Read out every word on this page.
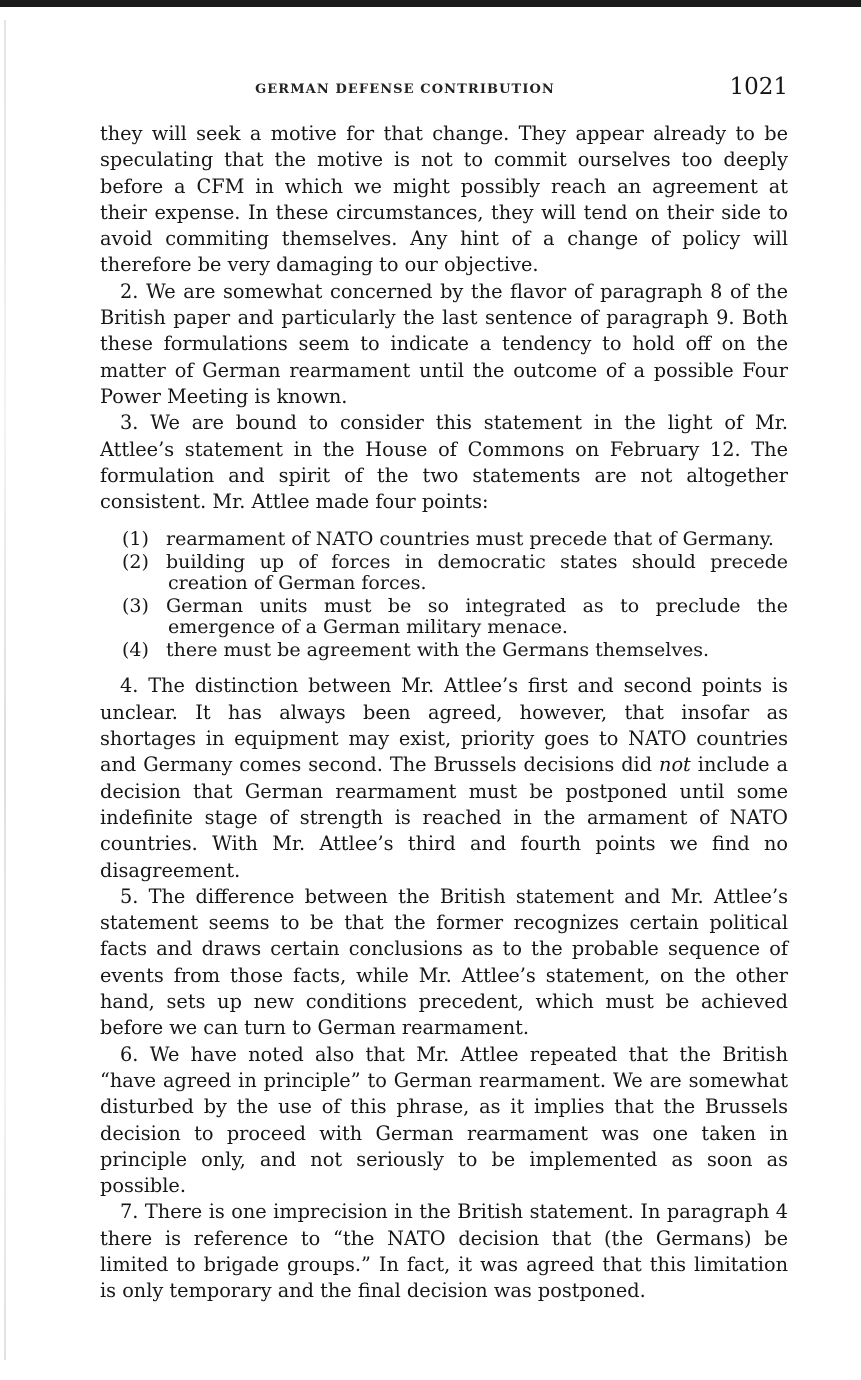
GERMAN DEFENSE CONTRIBUTION	1021

they will seek a motive for that change. They appear already to be speculating that the motive is not to commit ourselves too deeply before a CFM in which we might possibly reach an agreement at their expense. In these circumstances, they will tend on their side to avoid commiting themselves. Any hint of a change of policy will therefore be very damaging to our objective.

2. We are somewhat concerned by the flavor of paragraph 8 of the British paper and particularly the last sentence of paragraph 9. Both these formulations seem to indicate a tendency to hold off on the matter of German rearmament until the outcome of a possible Four Power Meeting is known.

3. We are bound to consider this statement in the light of Mr. Attlee’s statement in the House of Commons on February 12. The formulation and spirit of the two statements are not altogether consistent. Mr. Attlee made four points:

(1) rearmament of NATO countries must precede that of Germany.
(2) building up of forces in democratic states should precede creation of German forces.
(3) German units must be so integrated as to preclude the emergence of a German military menace.
(4) there must be agreement with the Germans themselves.

4. The distinction between Mr. Attlee’s first and second points is unclear. It has always been agreed, however, that insofar as shortages in equipment may exist, priority goes to NATO countries and Germany comes second. The Brussels decisions did not include a decision that German rearmament must be postponed until some indefinite stage of strength is reached in the armament of NATO countries. With Mr. Attlee’s third and fourth points we find no disagreement.

5. The difference between the British statement and Mr. Attlee’s statement seems to be that the former recognizes certain political facts and draws certain conclusions as to the probable sequence of events from those facts, while Mr. Attlee’s statement, on the other hand, sets up new conditions precedent, which must be achieved before we can turn to German rearmament.

6. We have noted also that Mr. Attlee repeated that the British “have agreed in principle” to German rearmament. We are somewhat disturbed by the use of this phrase, as it implies that the Brussels decision to proceed with German rearmament was one taken in principle only, and not seriously to be implemented as soon as possible.

7. There is one imprecision in the British statement. In paragraph 4 there is reference to “the NATO decision that (the Germans) be limited to brigade groups.” In fact, it was agreed that this limitation is only temporary and the final decision was postponed.
